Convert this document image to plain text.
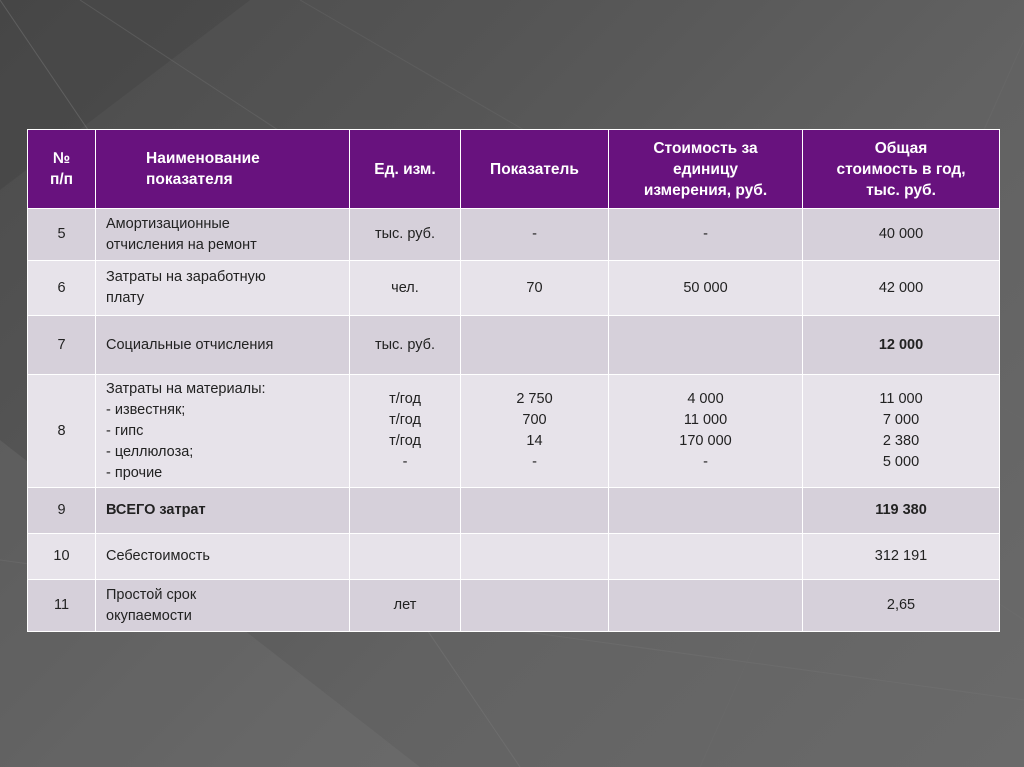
№
п/п	Наименование
показателя	Ед. изм.	Показатель	Стоимость за
единицу
измерения, руб.	Общая
стоимость в год,
тыс. руб.
5	Амортизационные
отчисления на ремонт	тыс. руб.	-	-	40 000
6	Затраты на заработную
плату	чел.	70	50 000	42 000
7	Социальные отчисления	тыс. руб.			12 000
8	Затраты на материалы:
- известняк;
- гипс
- целлюлоза;
- прочие	т/год
т/год
т/год
-	2 750
700
14
-	4 000
11 000
170 000
-	11 000
7 000
2 380
5 000
9	ВСЕГО затрат				119 380
10	Себестоимость				312 191
11	Простой срок
окупаемости	лет			2,65
